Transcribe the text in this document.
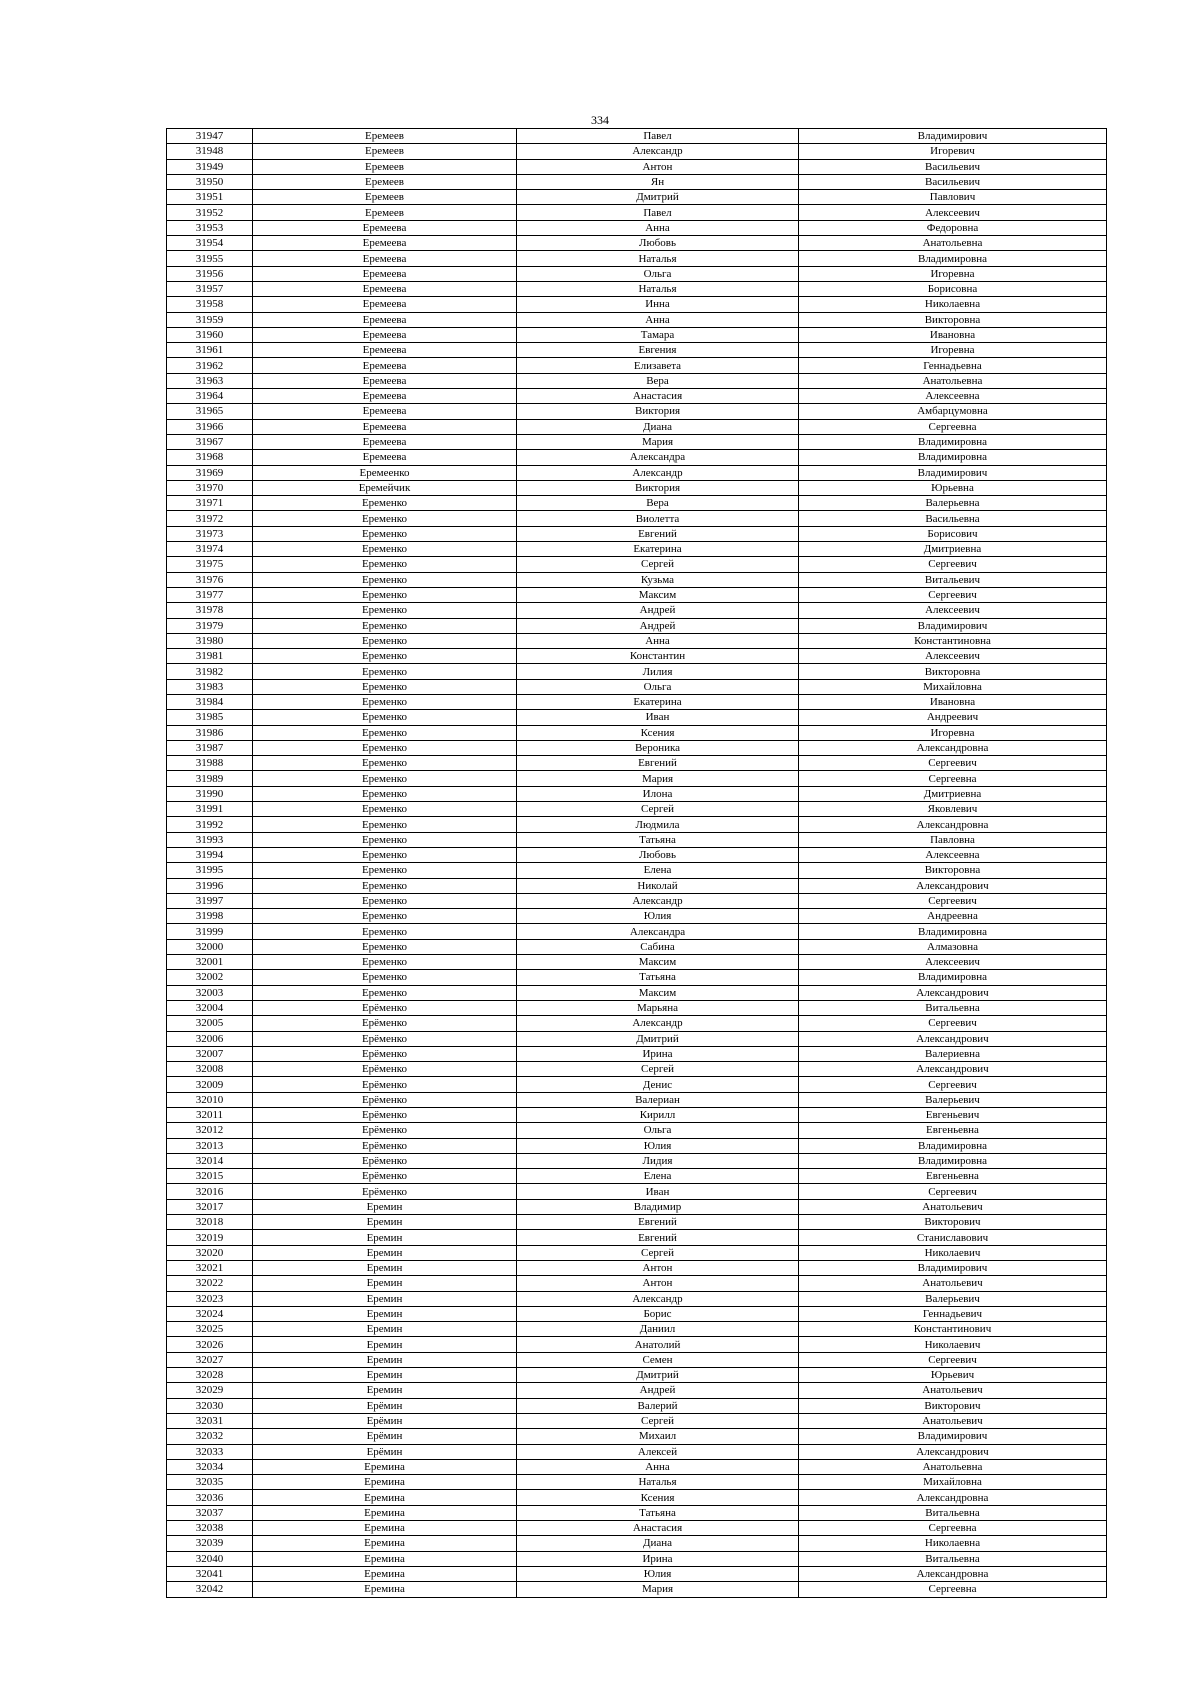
334
31947	Еремеев	Павел	Владимирович
31948	Еремеев	Александр	Игоревич
31949	Еремеев	Антон	Васильевич
31950	Еремеев	Ян	Васильевич
31951	Еремеев	Дмитрий	Павлович
31952	Еремеев	Павел	Алексеевич
31953	Еремеева	Анна	Федоровна
31954	Еремеева	Любовь	Анатольевна
31955	Еремеева	Наталья	Владимировна
31956	Еремеева	Ольга	Игоревна
31957	Еремеева	Наталья	Борисовна
31958	Еремеева	Инна	Николаевна
31959	Еремеева	Анна	Викторовна
31960	Еремеева	Тамара	Ивановна
31961	Еремеева	Евгения	Игоревна
31962	Еремеева	Елизавета	Геннадьевна
31963	Еремеева	Вера	Анатольевна
31964	Еремеева	Анастасия	Алексеевна
31965	Еремеева	Виктория	Амбарцумовна
31966	Еремеева	Диана	Сергеевна
31967	Еремеева	Мария	Владимировна
31968	Еремеева	Александра	Владимировна
31969	Еремеенко	Александр	Владимирович
31970	Еремейчик	Виктория	Юрьевна
31971	Еременко	Вера	Валерьевна
31972	Еременко	Виолетта	Васильевна
31973	Еременко	Евгений	Борисович
31974	Еременко	Екатерина	Дмитриевна
31975	Еременко	Сергей	Сергеевич
31976	Еременко	Кузьма	Витальевич
31977	Еременко	Максим	Сергеевич
31978	Еременко	Андрей	Алексеевич
31979	Еременко	Андрей	Владимирович
31980	Еременко	Анна	Константиновна
31981	Еременко	Константин	Алексеевич
31982	Еременко	Лилия	Викторовна
31983	Еременко	Ольга	Михайловна
31984	Еременко	Екатерина	Ивановна
31985	Еременко	Иван	Андреевич
31986	Еременко	Ксения	Игоревна
31987	Еременко	Вероника	Александровна
31988	Еременко	Евгений	Сергеевич
31989	Еременко	Мария	Сергеевна
31990	Еременко	Илона	Дмитриевна
31991	Еременко	Сергей	Яковлевич
31992	Еременко	Людмила	Александровна
31993	Еременко	Татьяна	Павловна
31994	Еременко	Любовь	Алексеевна
31995	Еременко	Елена	Викторовна
31996	Еременко	Николай	Александрович
31997	Еременко	Александр	Сергеевич
31998	Еременко	Юлия	Андреевна
31999	Еременко	Александра	Владимировна
32000	Еременко	Сабина	Алмазовна
32001	Еременко	Максим	Алексеевич
32002	Еременко	Татьяна	Владимировна
32003	Еременко	Максим	Александрович
32004	Ерёменко	Марьяна	Витальевна
32005	Ерёменко	Александр	Сергеевич
32006	Ерёменко	Дмитрий	Александрович
32007	Ерёменко	Ирина	Валериевна
32008	Ерёменко	Сергей	Александрович
32009	Ерёменко	Денис	Сергеевич
32010	Ерёменко	Валериан	Валерьевич
32011	Ерёменко	Кирилл	Евгеньевич
32012	Ерёменко	Ольга	Евгеньевна
32013	Ерёменко	Юлия	Владимировна
32014	Ерёменко	Лидия	Владимировна
32015	Ерёменко	Елена	Евгеньевна
32016	Ерёменко	Иван	Сергеевич
32017	Еремин	Владимир	Анатольевич
32018	Еремин	Евгений	Викторович
32019	Еремин	Евгений	Станиславович
32020	Еремин	Сергей	Николаевич
32021	Еремин	Антон	Владимирович
32022	Еремин	Антон	Анатольевич
32023	Еремин	Александр	Валерьевич
32024	Еремин	Борис	Геннадьевич
32025	Еремин	Даниил	Константинович
32026	Еремин	Анатолий	Николаевич
32027	Еремин	Семен	Сергеевич
32028	Еремин	Дмитрий	Юрьевич
32029	Еремин	Андрей	Анатольевич
32030	Ерёмин	Валерий	Викторович
32031	Ерёмин	Сергей	Анатольевич
32032	Ерёмин	Михаил	Владимирович
32033	Ерёмин	Алексей	Александрович
32034	Еремина	Анна	Анатольевна
32035	Еремина	Наталья	Михайловна
32036	Еремина	Ксения	Александровна
32037	Еремина	Татьяна	Витальевна
32038	Еремина	Анастасия	Сергеевна
32039	Еремина	Диана	Николаевна
32040	Еремина	Ирина	Витальевна
32041	Еремина	Юлия	Александровна
32042	Еремина	Мария	Сергеевна
